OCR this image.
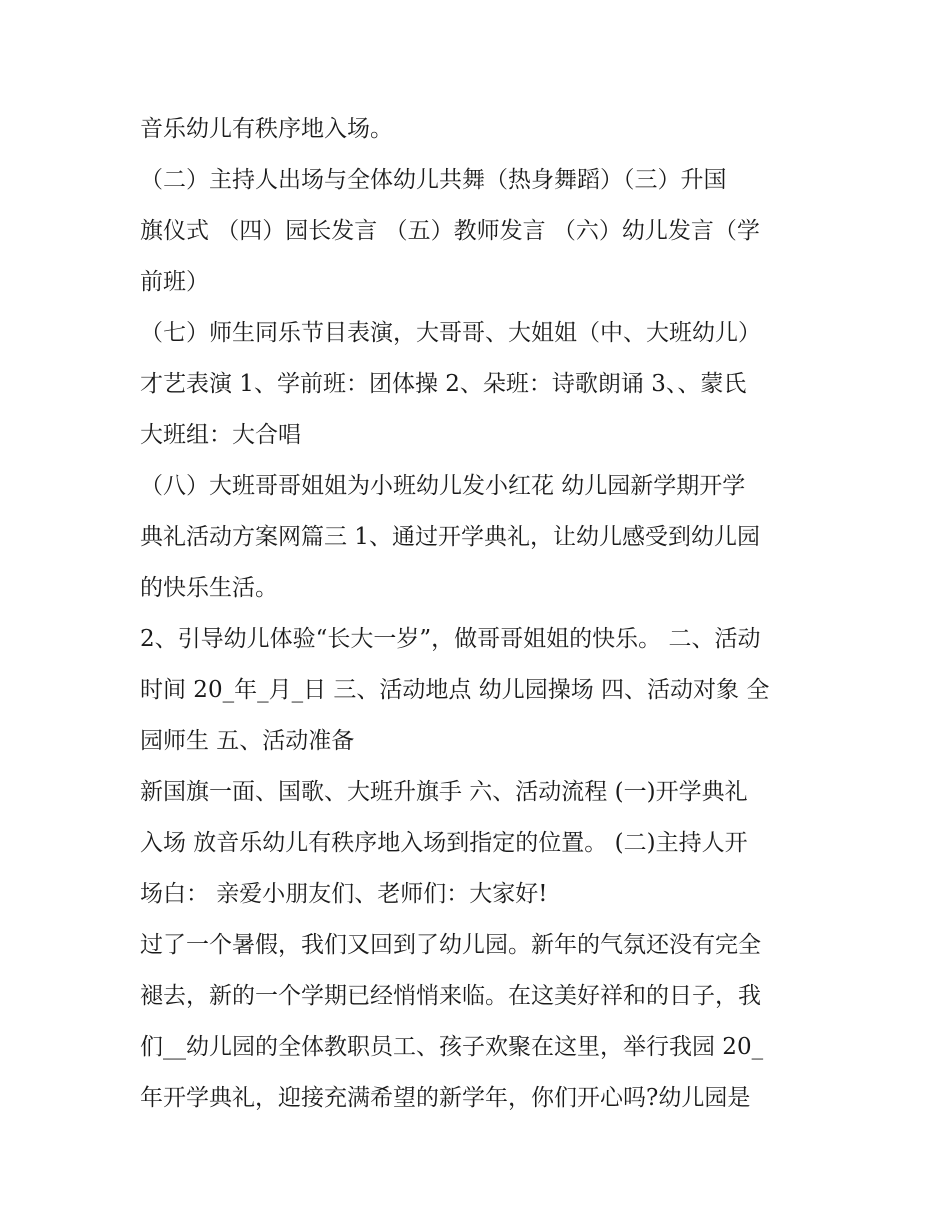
音乐幼儿有秩序地入场。
（二）主持人出场与全体幼儿共舞（热身舞蹈）（三）升国
旗仪式 （四）园长发言 （五）教师发言 （六）幼儿发言（学
前班）
（七）师生同乐节目表演，大哥哥、大姐姐（中、大班幼儿）
才艺表演 1、学前班：团体操 2、朵班：诗歌朗诵 3、、蒙氏
大班组：大合唱
（八）大班哥哥姐姐为小班幼儿发小红花 幼儿园新学期开学
典礼活动方案网篇三 1、通过开学典礼，让幼儿感受到幼儿园
的快乐生活。
2、引导幼儿体验“长大一岁”，做哥哥姐姐的快乐。 二、活动
时间 20_年_月_日 三、活动地点 幼儿园操场 四、活动对象 全
园师生 五、活动准备
新国旗一面、国歌、大班升旗手 六、活动流程 (一)开学典礼
入场 放音乐幼儿有秩序地入场到指定的位置。 (二)主持人开
场白： 亲爱小朋友们、老师们：大家好!
过了一个暑假，我们又回到了幼儿园。新年的气氛还没有完全
褪去，新的一个学期已经悄悄来临。在这美好祥和的日子，我
们__幼儿园的全体教职员工、孩子欢聚在这里，举行我园 20_
年开学典礼，迎接充满希望的新学年，你们开心吗?幼儿园是
